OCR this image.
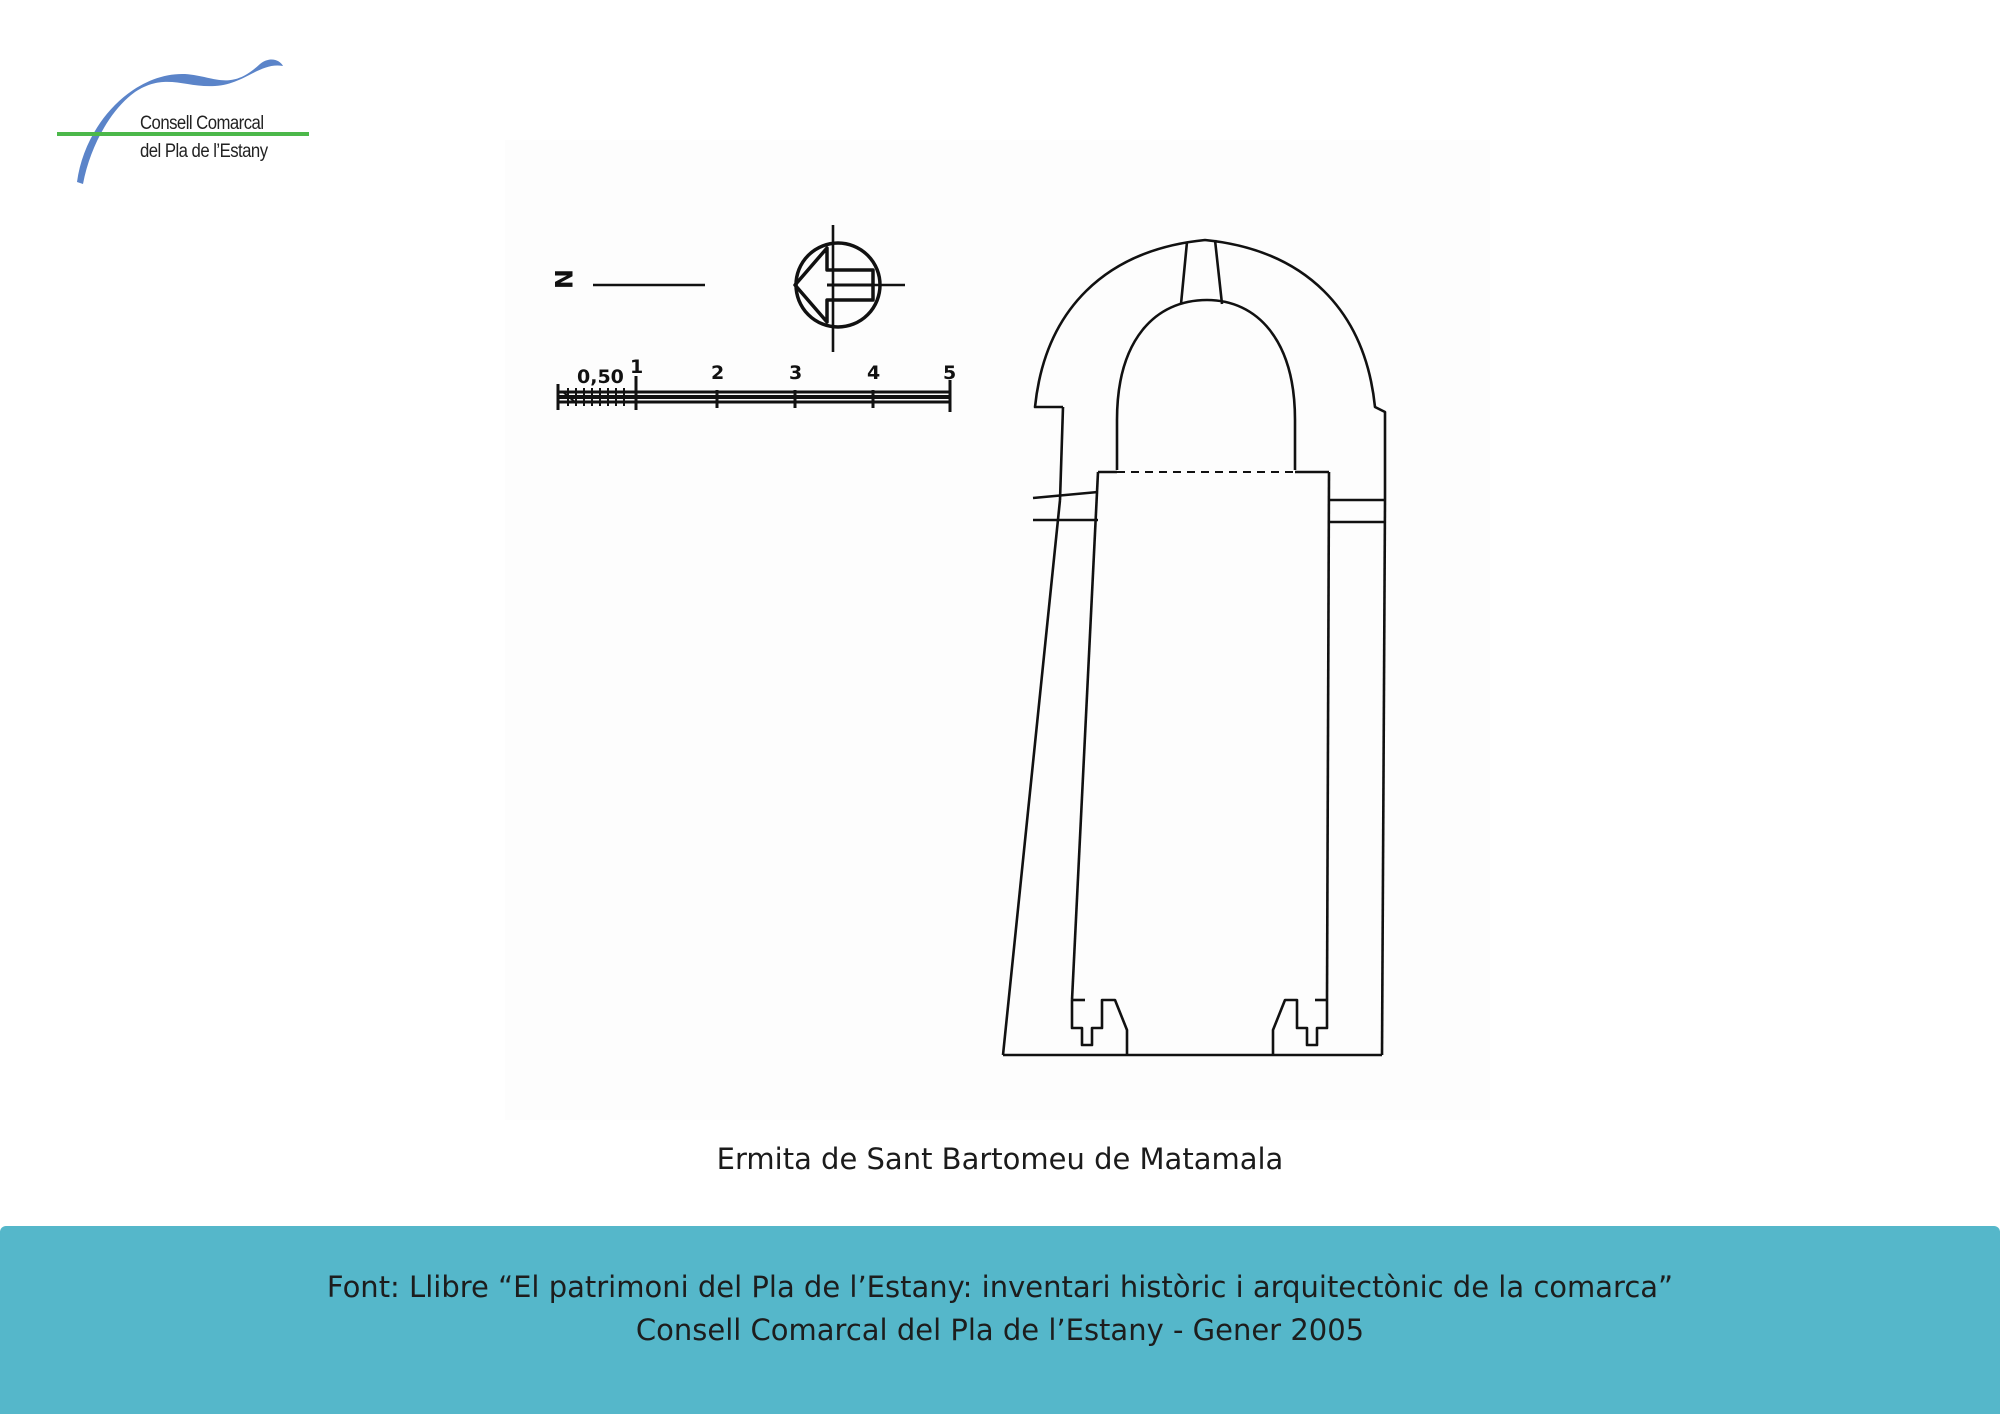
Consell Comarcal
del Pla de l’Estany
N
0,50 1	2	3	4	5
Ermita de Sant Bartomeu de Matamala
Font: Llibre “El patrimoni del Pla de l’Estany: inventari històric i arquitectònic de la comarca”
Consell Comarcal del Pla de l’Estany - Gener 2005
